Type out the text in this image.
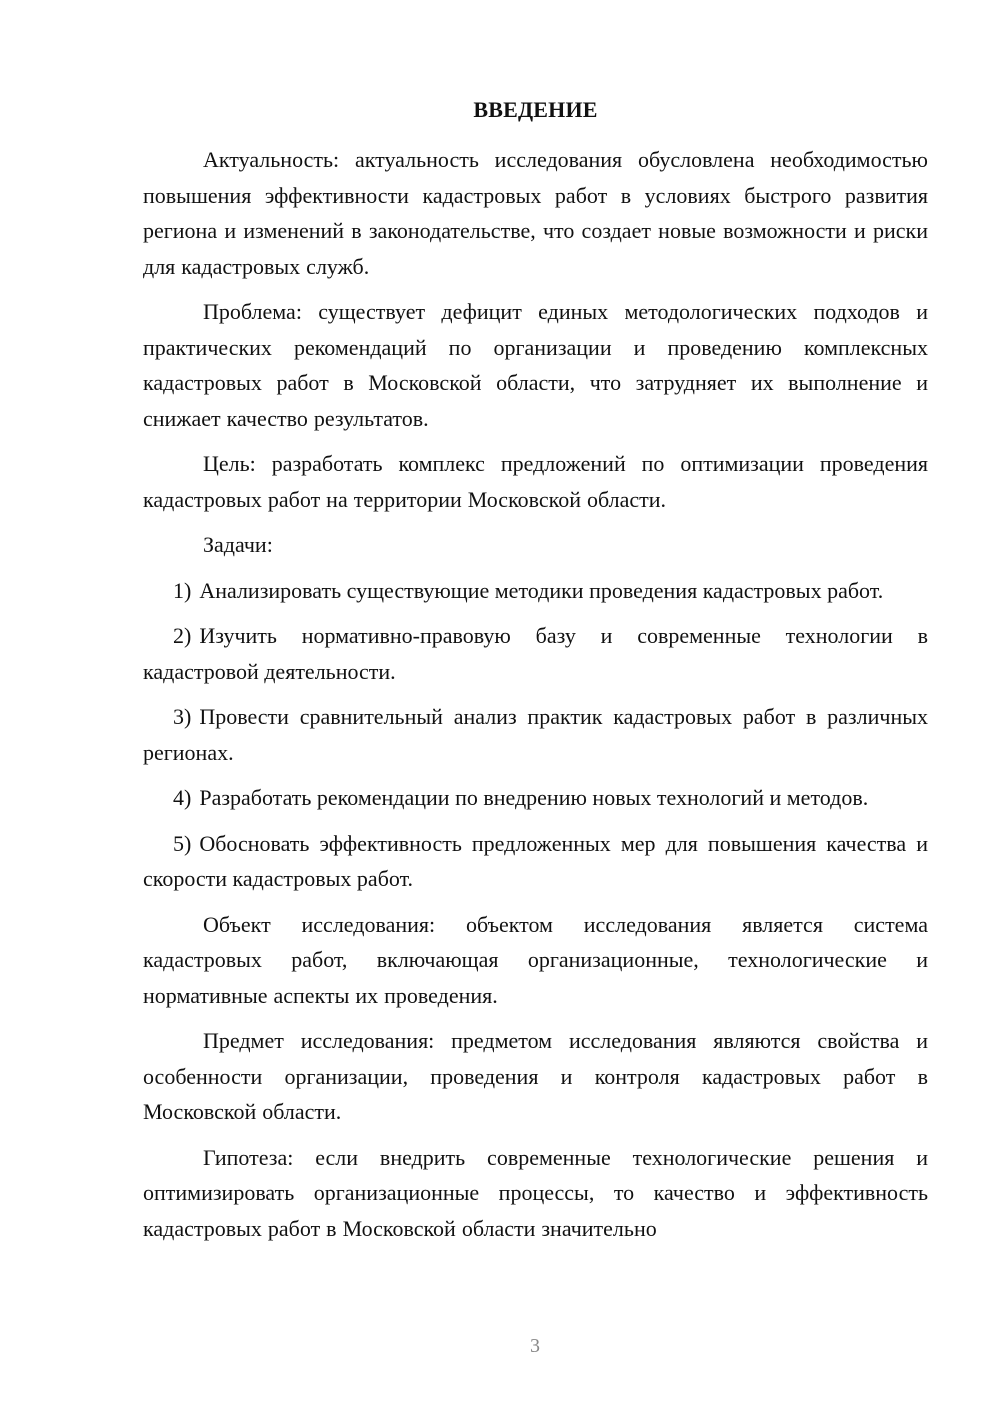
ВВЕДЕНИЕ

Актуальность: актуальность исследования обусловлена необходимостью повышения эффективности кадастровых работ в условиях быстрого развития региона и изменений в законодательстве, что создает новые возможности и риски для кадастровых служб.

Проблема: существует дефицит единых методологических подходов и практических рекомендаций по организации и проведению комплексных кадастровых работ в Московской области, что затрудняет их выполнение и снижает качество результатов.

Цель: разработать комплекс предложений по оптимизации проведения кадастровых работ на территории Московской области.

Задачи:

1) Анализировать существующие методики проведения кадастровых работ.

2) Изучить нормативно-правовую базу и современные технологии в кадастровой деятельности.

3) Провести сравнительный анализ практик кадастровых работ в различных регионах.

4) Разработать рекомендации по внедрению новых технологий и методов.

5) Обосновать эффективность предложенных мер для повышения качества и скорости кадастровых работ.

Объект исследования: объектом исследования является система кадастровых работ, включающая организационные, технологические и нормативные аспекты их проведения.

Предмет исследования: предметом исследования являются свойства и особенности организации, проведения и контроля кадастровых работ в Московской области.

Гипотеза: если внедрить современные технологические решения и оптимизировать организационные процессы, то качество и эффективность кадастровых работ в Московской области значительно

3
